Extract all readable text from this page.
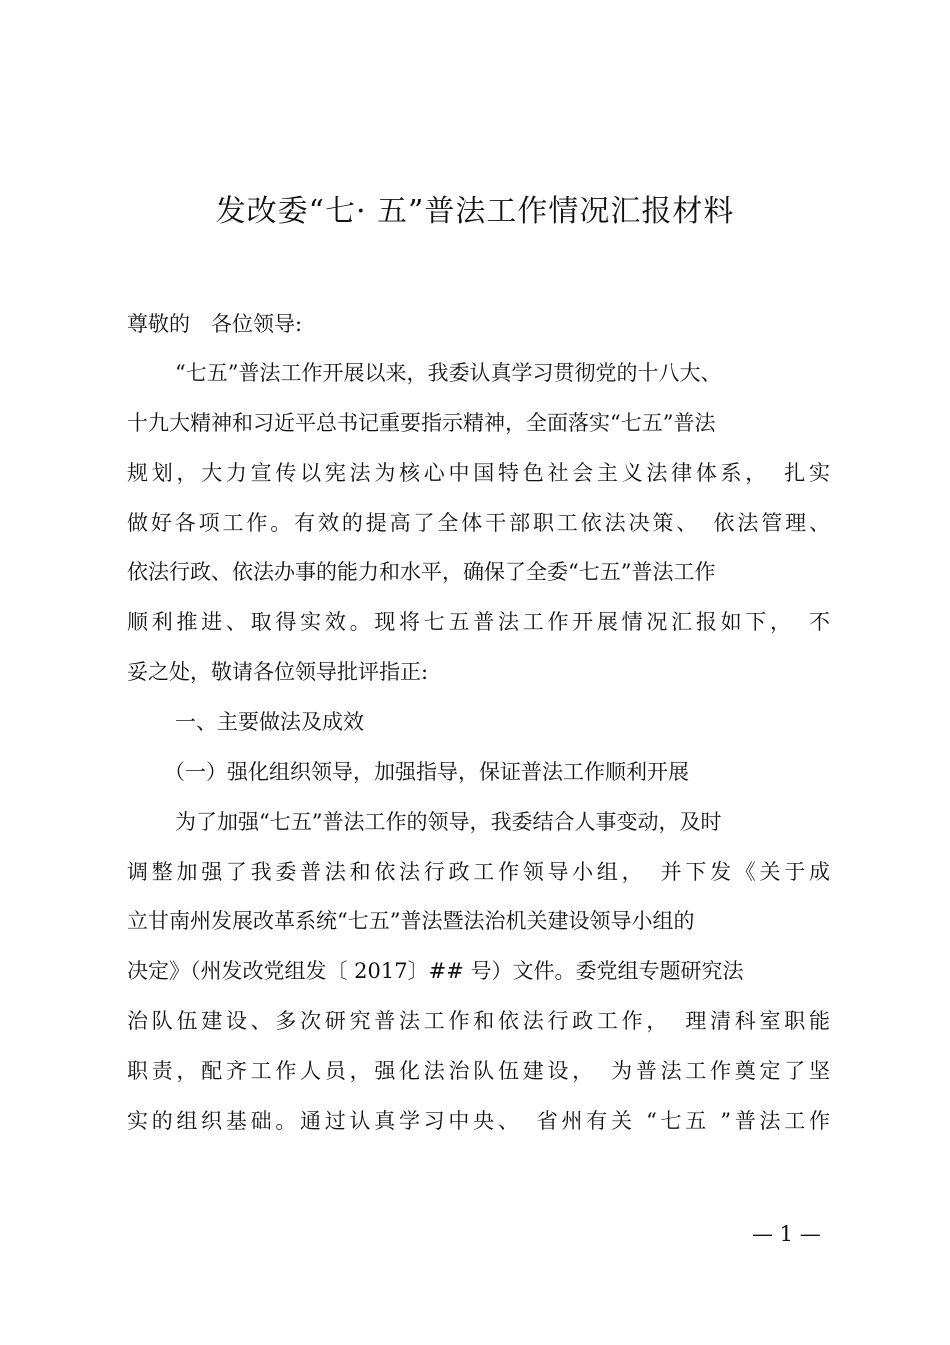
发改委“七· 五”普法工作情况汇报材料
尊敬的　各位领导:
“七五”普法工作开展以来，我委认真学习贯彻党的十八大、
十九大精神和习近平总书记重要指示精神，全面落实“七五”普法
规划，大力宣传以宪法为核心中国特色社会主义法律体系，　扎实
做好各项工作。有效的提高了全体干部职工依法决策、　依法管理、
依法行政、依法办事的能力和水平，确保了全委“七五”普法工作
顺利推进、取得实效。现将七五普法工作开展情况汇报如下，　不
妥之处，敬请各位领导批评指正:
一、主要做法及成效
（一）强化组织领导，加强指导，保证普法工作顺利开展
为了加强“七五”普法工作的领导，我委结合人事变动，及时
调整加强了我委普法和依法行政工作领导小组，　并下发《关于成
立甘南州发展改革系统“七五”普法暨法治机关建设领导小组的
决定》（州发改党组发〔 2017〕## 号）文件。委党组专题研究法
治队伍建设、多次研究普法工作和依法行政工作，　理清科室职能
职责，配齐工作人员，强化法治队伍建设，　为普法工作奠定了坚
实的组织基础。通过认真学习中央、　省州有关 “七五 ”普法工作
— 1 —
